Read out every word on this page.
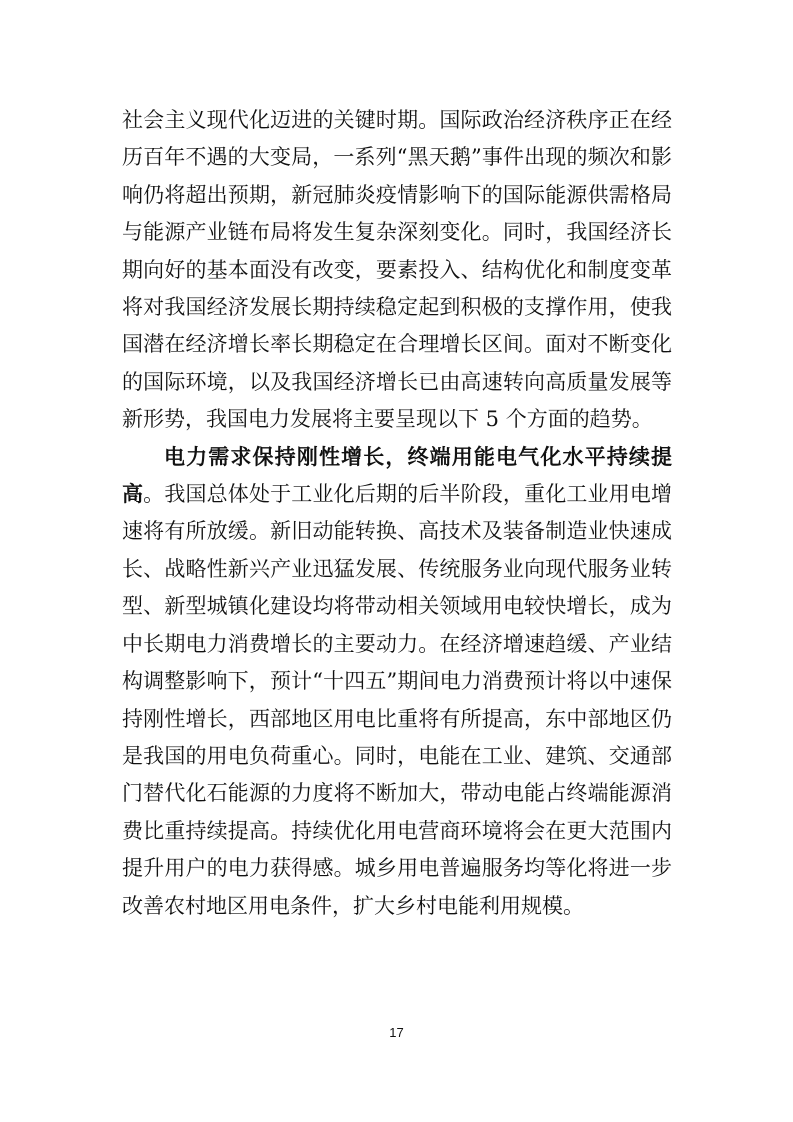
社会主义现代化迈进的关键时期。国际政治经济秩序正在经历百年不遇的大变局，一系列“黑天鹅”事件出现的频次和影响仍将超出预期，新冠肺炎疫情影响下的国际能源供需格局与能源产业链布局将发生复杂深刻变化。同时，我国经济长期向好的基本面没有改变，要素投入、结构优化和制度变革将对我国经济发展长期持续稳定起到积极的支撑作用，使我国潜在经济增长率长期稳定在合理增长区间。面对不断变化的国际环境，以及我国经济增长已由高速转向高质量发展等新形势，我国电力发展将主要呈现以下 5 个方面的趋势。

电力需求保持刚性增长，终端用能电气化水平持续提高。我国总体处于工业化后期的后半阶段，重化工业用电增速将有所放缓。新旧动能转换、高技术及装备制造业快速成长、战略性新兴产业迅猛发展、传统服务业向现代服务业转型、新型城镇化建设均将带动相关领域用电较快增长，成为中长期电力消费增长的主要动力。在经济增速趋缓、产业结构调整影响下，预计“十四五”期间电力消费预计将以中速保持刚性增长，西部地区用电比重将有所提高，东中部地区仍是我国的用电负荷重心。同时，电能在工业、建筑、交通部门替代化石能源的力度将不断加大，带动电能占终端能源消费比重持续提高。持续优化用电营商环境将会在更大范围内提升用户的电力获得感。城乡用电普遍服务均等化将进一步改善农村地区用电条件，扩大乡村电能利用规模。

17
